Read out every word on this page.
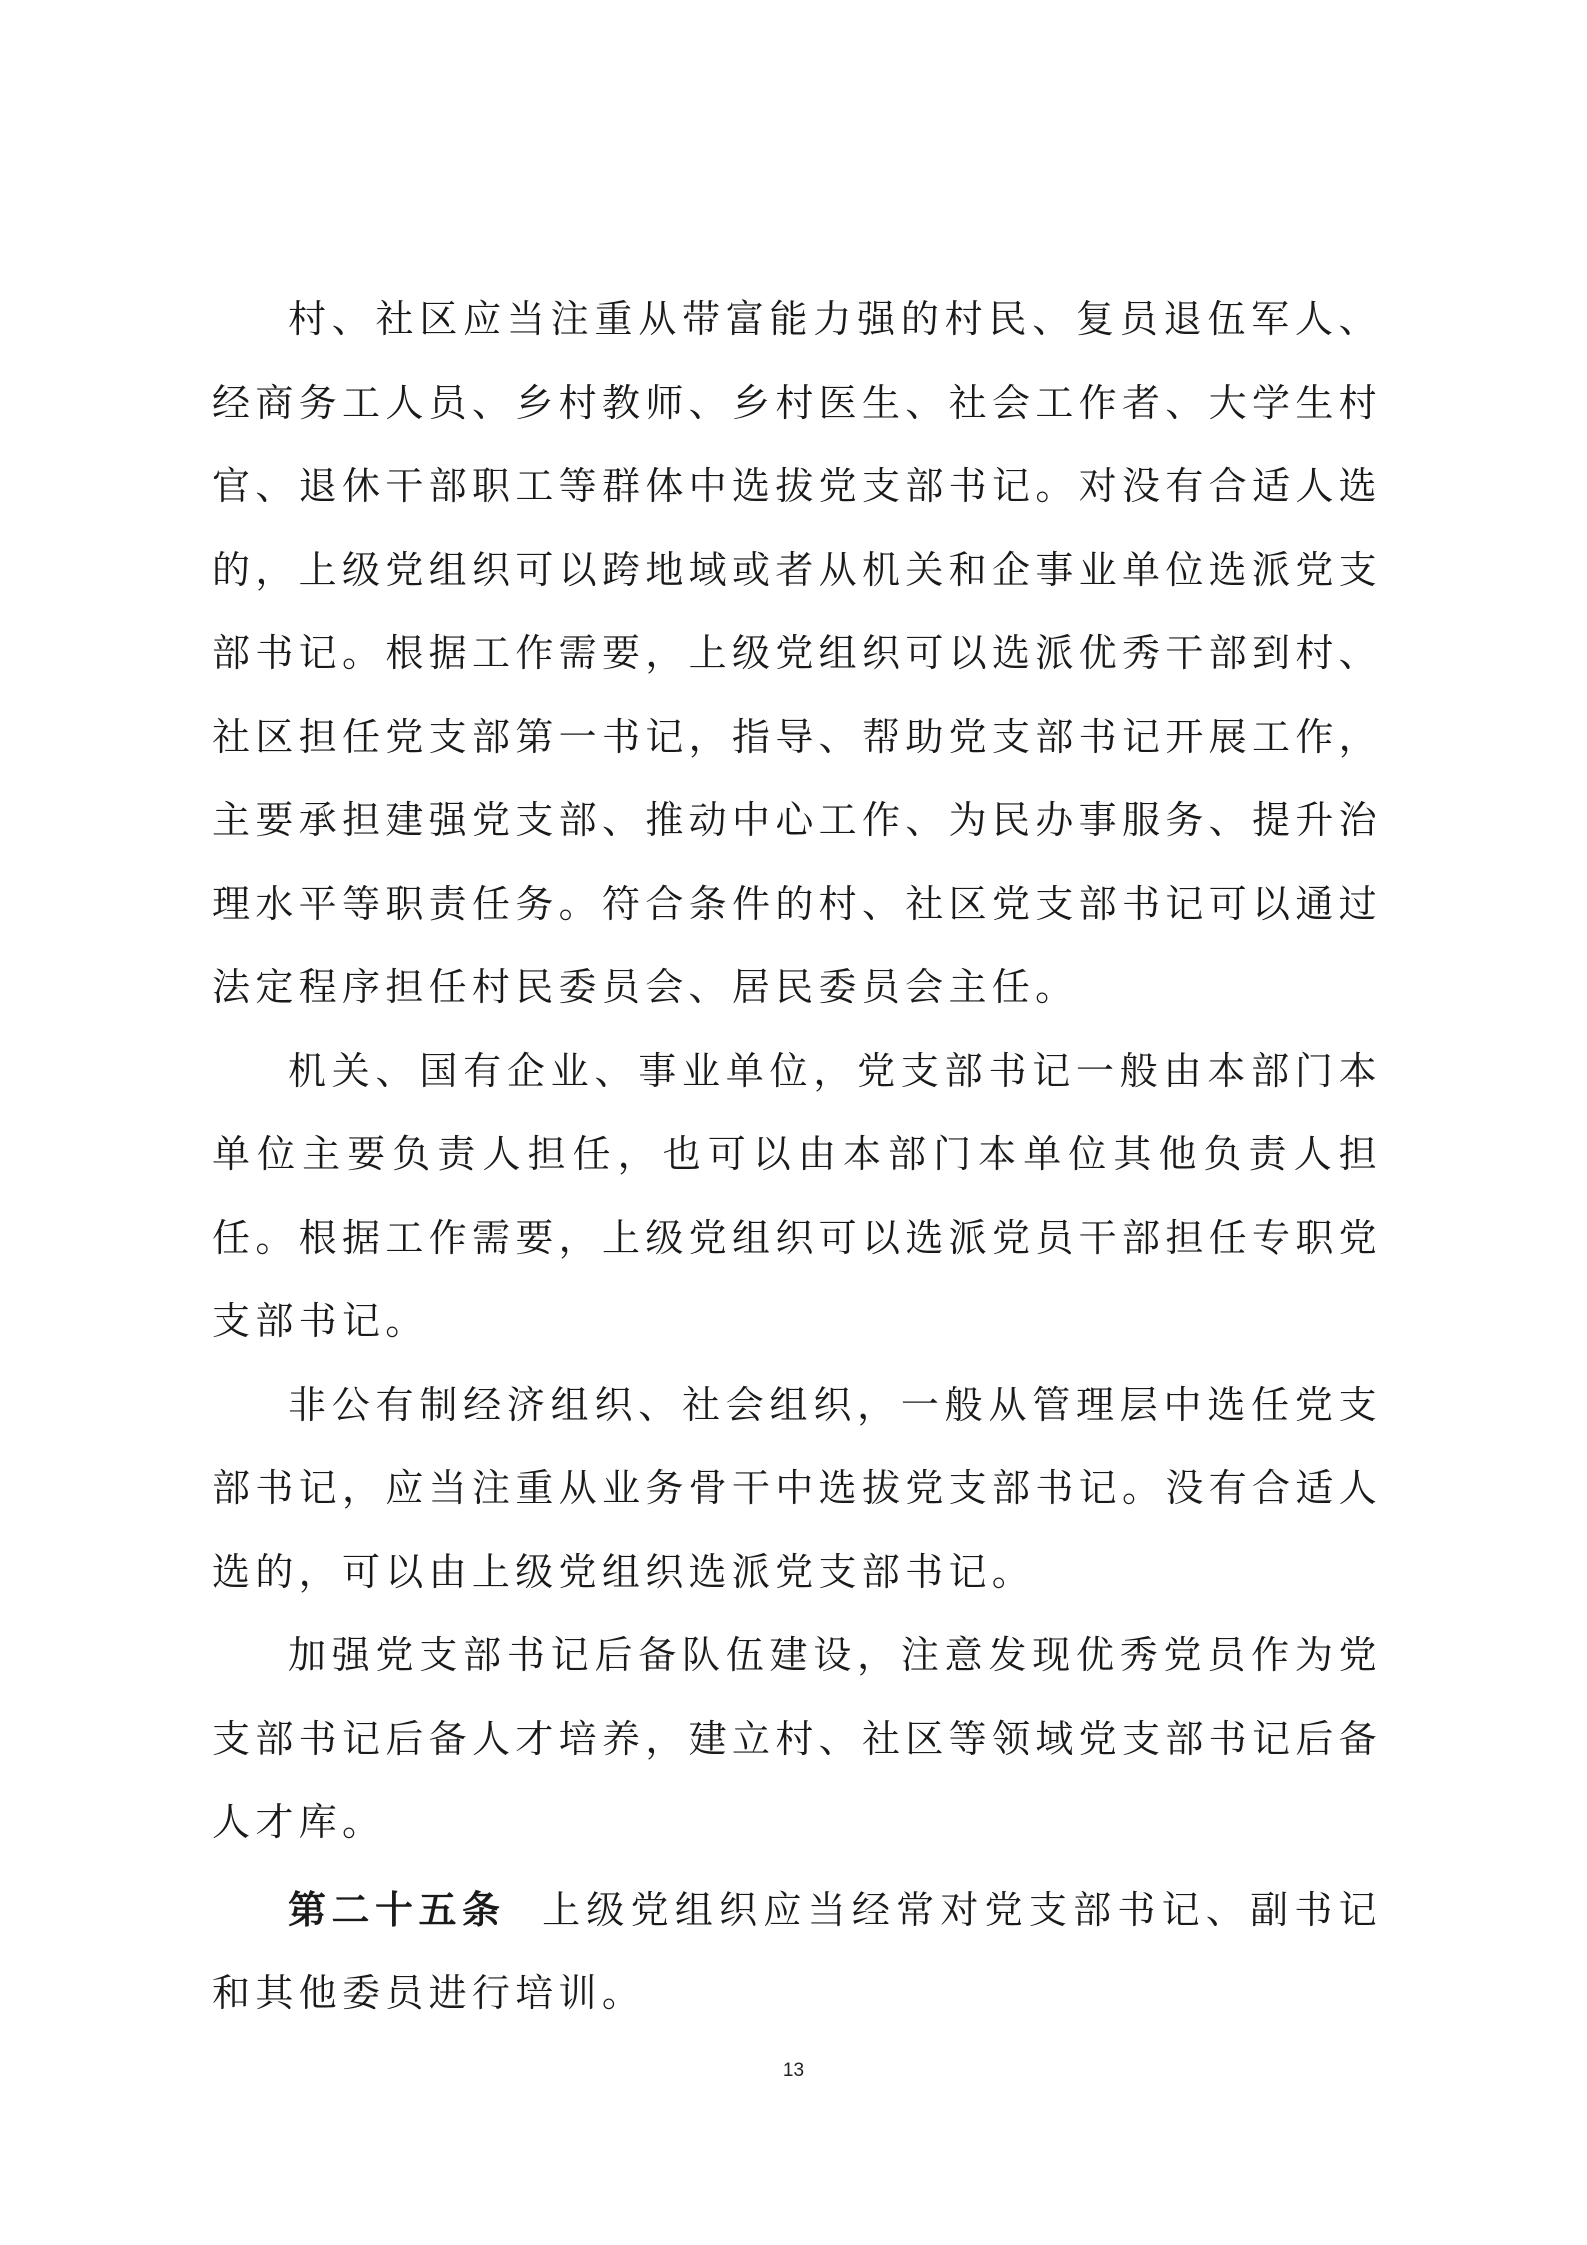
村、社区应当注重从带富能力强的村民、复员退伍军人、经商务工人员、乡村教师、乡村医生、社会工作者、大学生村官、退休干部职工等群体中选拔党支部书记。对没有合适人选的，上级党组织可以跨地域或者从机关和企事业单位选派党支部书记。根据工作需要，上级党组织可以选派优秀干部到村、社区担任党支部第一书记，指导、帮助党支部书记开展工作，主要承担建强党支部、推动中心工作、为民办事服务、提升治理水平等职责任务。符合条件的村、社区党支部书记可以通过法定程序担任村民委员会、居民委员会主任。

机关、国有企业、事业单位，党支部书记一般由本部门本单位主要负责人担任，也可以由本部门本单位其他负责人担任。根据工作需要，上级党组织可以选派党员干部担任专职党支部书记。

非公有制经济组织、社会组织，一般从管理层中选任党支部书记，应当注重从业务骨干中选拔党支部书记。没有合适人选的，可以由上级党组织选派党支部书记。

加强党支部书记后备队伍建设，注意发现优秀党员作为党支部书记后备人才培养，建立村、社区等领域党支部书记后备人才库。

第二十五条 上级党组织应当经常对党支部书记、副书记和其他委员进行培训。

13
